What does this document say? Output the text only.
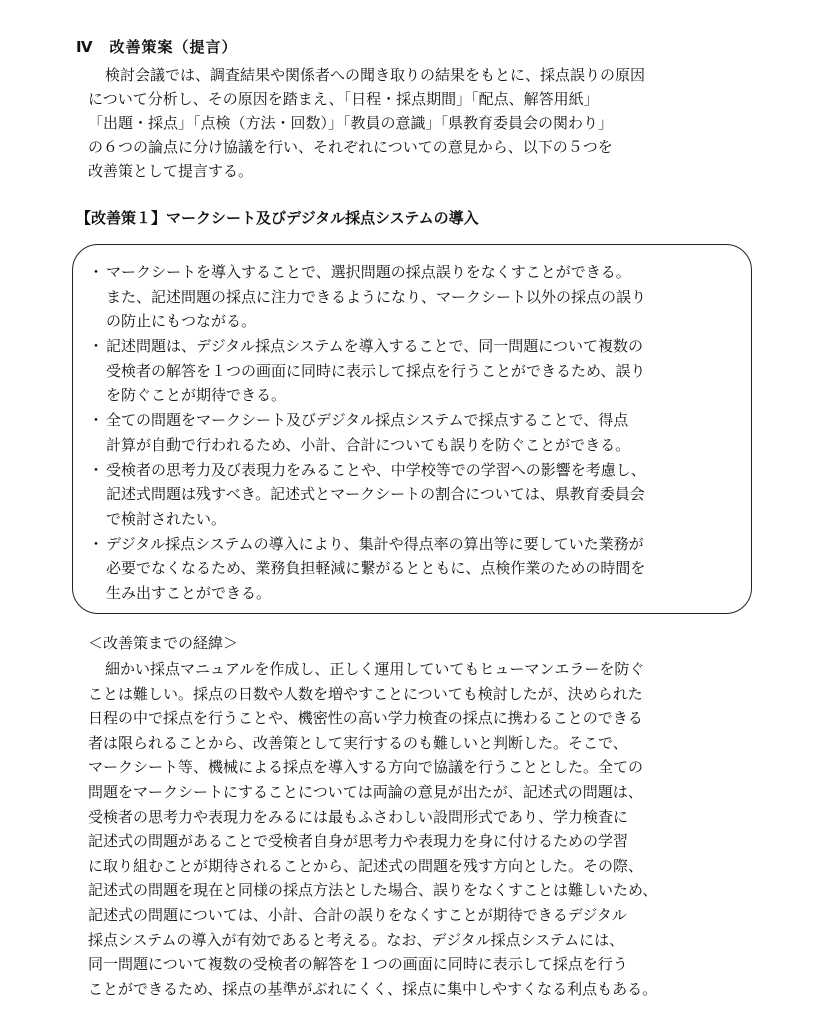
Ⅳ 改善策案（提言）
検討会議では、調査結果や関係者への聞き取りの結果をもとに、採点誤りの原因
について分析し、その原因を踏まえ、「日程・採点期間」「配点、解答用紙」
「出題・採点」「点検（方法・回数）」「教員の意識」「県教育委員会の関わり」
の６つの論点に分け協議を行い、それぞれについての意見から、以下の５つを
改善策として提言する。
【改善策１】マークシート及びデジタル採点システムの導入
・ マークシートを導入することで、選択問題の採点誤りをなくすことができる。
また、記述問題の採点に注力できるようになり、マークシート以外の採点の誤り
の防止にもつながる。
・ 記述問題は、デジタル採点システムを導入することで、同一問題について複数の
受検者の解答を１つの画面に同時に表示して採点を行うことができるため、誤り
を防ぐことが期待できる。
・ 全ての問題をマークシート及びデジタル採点システムで採点することで、得点
計算が自動で行われるため、小計、合計についても誤りを防ぐことができる。
・ 受検者の思考力及び表現力をみることや、中学校等での学習への影響を考慮し、
記述式問題は残すべき。記述式とマークシートの割合については、県教育委員会
で検討されたい。
・ デジタル採点システムの導入により、集計や得点率の算出等に要していた業務が
必要でなくなるため、業務負担軽減に繋がるとともに、点検作業のための時間を
生み出すことができる。
＜改善策までの経緯＞
細かい採点マニュアルを作成し、正しく運用していてもヒューマンエラーを防ぐ
ことは難しい。採点の日数や人数を増やすことについても検討したが、決められた
日程の中で採点を行うことや、機密性の高い学力検査の採点に携わることのできる
者は限られることから、改善策として実行するのも難しいと判断した。そこで、
マークシート等、機械による採点を導入する方向で協議を行うこととした。全ての
問題をマークシートにすることについては両論の意見が出たが、記述式の問題は、
受検者の思考力や表現力をみるには最もふさわしい設問形式であり、学力検査に
記述式の問題があることで受検者自身が思考力や表現力を身に付けるための学習
に取り組むことが期待されることから、記述式の問題を残す方向とした。その際、
記述式の問題を現在と同様の採点方法とした場合、誤りをなくすことは難しいため、
記述式の問題については、小計、合計の誤りをなくすことが期待できるデジタル
採点システムの導入が有効であると考える。なお、デジタル採点システムには、
同一問題について複数の受検者の解答を１つの画面に同時に表示して採点を行う
ことができるため、採点の基準がぶれにくく、採点に集中しやすくなる利点もある。
